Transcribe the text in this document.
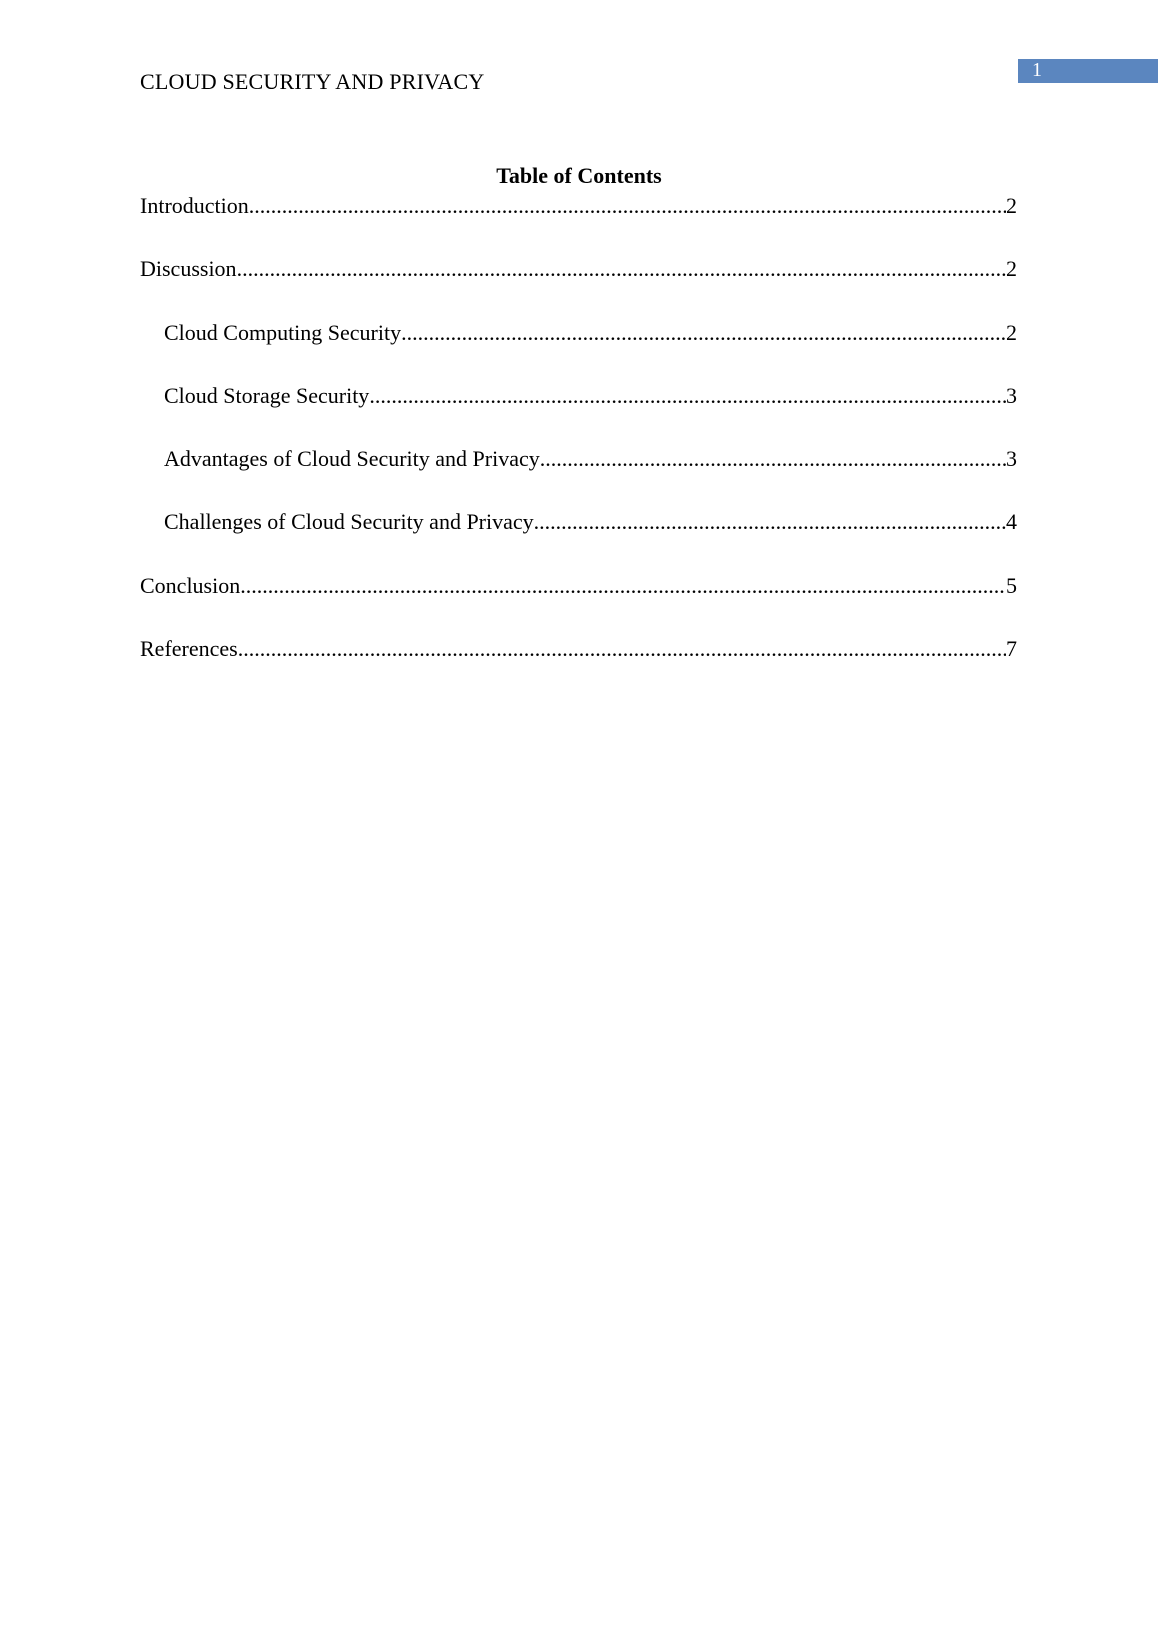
CLOUD SECURITY AND PRIVACY	1
Table of Contents
Introduction .....	2
Discussion .....	2
Cloud Computing Security .....	2
Cloud Storage Security .....	3
Advantages of Cloud Security and Privacy .....	3
Challenges of Cloud Security and Privacy .....	4
Conclusion .....	5
References .....	7
